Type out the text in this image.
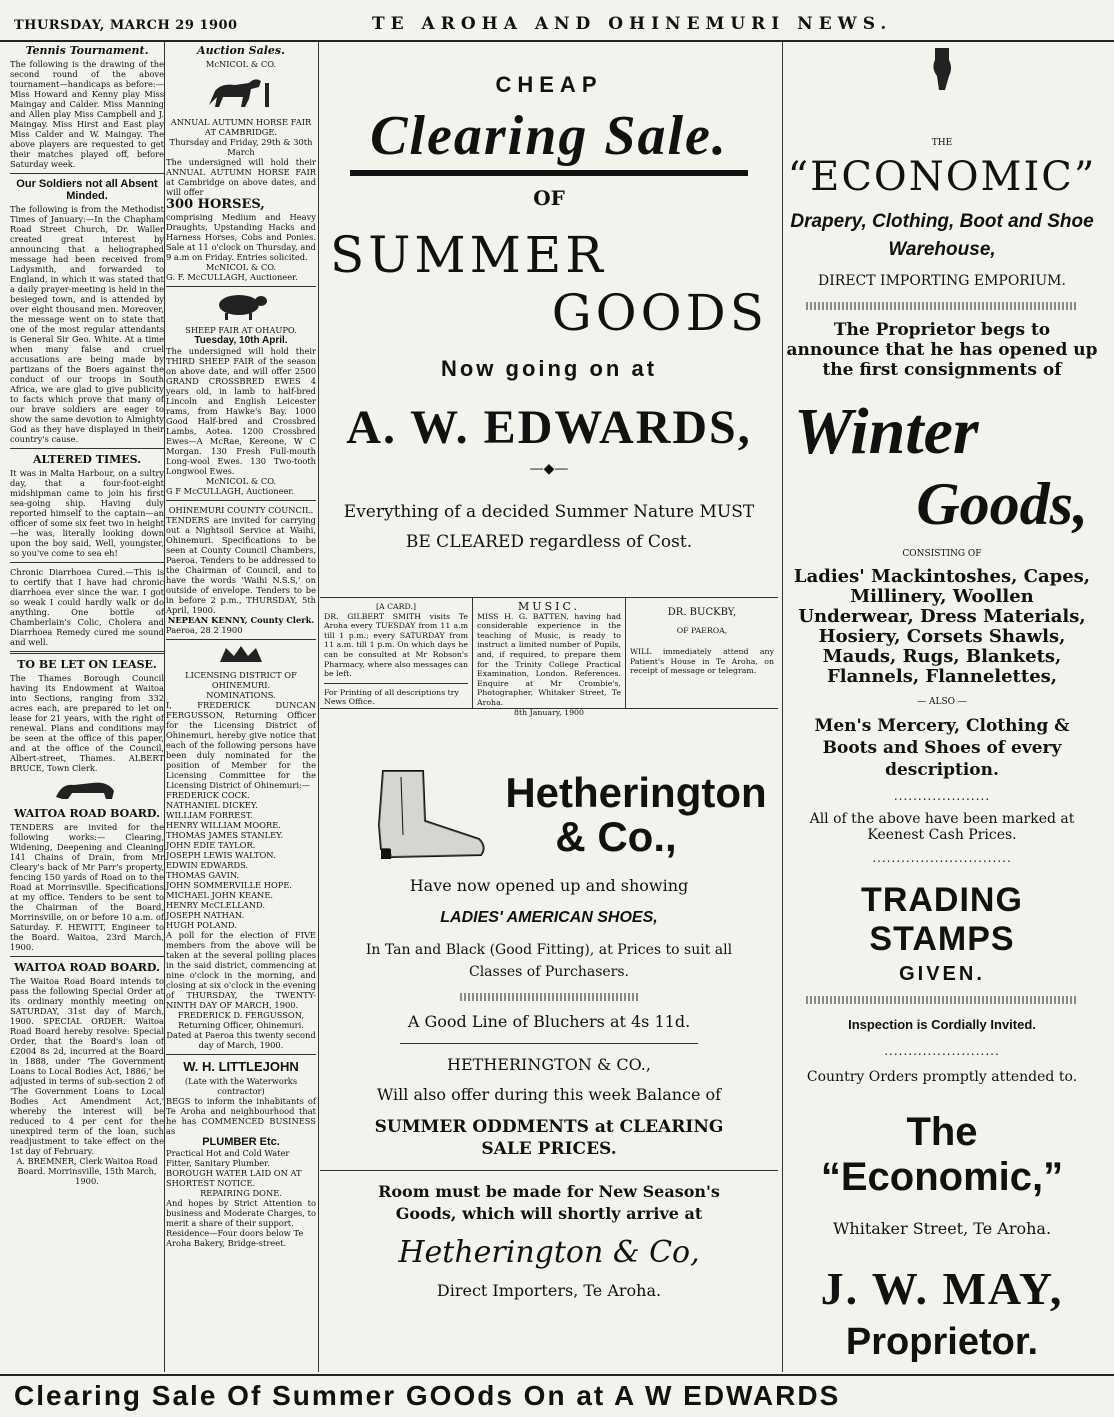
THURSDAY, MARCH 29 1900	TE AROHA AND OHINEMURI NEWS.
Tennis Tournament.
The following is the drawing of the second round of the above tournament—handicaps as before:— Miss Howard and Kenny play Miss Maingay and Calder. Miss Manning and Allen play Miss Campbell and J. Maingay. Miss Hirst and East play Miss Calder and W. Maingay. The above players are requested to get their matches played off, before Saturday week.
Our Soldiers not all Absent Minded.
The following is from the Methodist Times of January:—In the Chapham Road Street Church, Dr. Waller created great interest by announcing that a heliographed message had been received from Ladysmith, and forwarded to England, in which it was stated that a daily prayer-meeting is held in the besieged town, and is attended by over eight thousand men. Moreover, the message went on to state that one of the most regular attendants is General Sir Geo. White. At a time when many false and cruel accusations are being made by partizans of the Boers against the conduct of our troops in South Africa, we are glad to give publicity to facts which prove that many of our brave soldiers are eager to show the same devotion to Almighty God as they have displayed in their country's cause.
ALTERED TIMES.
It was in Malta Harbour, on a sultry day, that a four-foot-eight midshipman came to join his first sea-going ship. Having duly reported himself to the captain—an officer of some six feet two in height—he was, literally looking down upon the boy said, Well, youngster, so you've come to sea eh!
Chronic Diarrhoea Cured.—This is to certify that I have had chronic diarrhoea ever since the war. I got so weak I could hardly walk or do anything. One bottle of Chamberlain's Colic, Cholera and Diarrhoea Remedy cured me sound and well.
TO BE LET ON LEASE.
The Thames Borough Council having its Endowment at Waitoa into Sections, ranging from 332 acres each, are prepared to let on lease for 21 years, with the right of renewal. Plans and conditions may be seen at the office of this paper, and at the office of the Council, Albert-street, Thames. ALBERT BRUCE, Town Clerk.
WAITOA ROAD BOARD.
TENDERS are invited for the following works:— Clearing, Widening, Deepening and Cleaning 141 Chains of Drain, from Mr Cleary's back of Mr Parr's property, fencing 150 yards of Road on to the Road at Morrinsville. Specifications at my office. Tenders to be sent to the Chairman of the Board, Morrinsville, on or before 10 a.m. of Saturday. F. HEWITT, Engineer to the Board. Waitoa, 23rd March, 1900.
WAITOA ROAD BOARD.
The Waitoa Road Board intends to pass the following Special Order at its ordinary monthly meeting on SATURDAY, 31st day of March, 1900. SPECIAL ORDER. Waitoa Road Board hereby resolve: Special Order, that the Board's loan of £2004 8s 2d, incurred at the Board in 1888, under 'The Government Loans to Local Bodies Act, 1886,' be adjusted in terms of sub-section 2 of 'The Government Loans to Local Bodies Act Amendment Act,' whereby the interest will be reduced to 4 per cent for the unexpired term of the loan, such readjustment to take effect on the 1st day of February.
A. BREMNER, Clerk Waitoa Road Board. Morrinsville, 15th March, 1900.
Auction Sales.
McNICOL & CO.
ANNUAL AUTUMN HORSE FAIR AT CAMBRIDGE.
Thursday and Friday, 29th & 30th March
The undersigned will hold their ANNUAL AUTUMN HORSE FAIR at Cambridge on above dates, and will offer
300 HORSES,
comprising Medium and Heavy Draughts, Upstanding Hacks and Harness Horses, Cobs and Ponies. Sale at 11 o'clock on Thursday, and 9 a.m on Friday. Entries solicited.
McNICOL & CO.
G. F. McCULLAGH, Auctioneer.
SHEEP FAIR AT OHAUPO.
Tuesday, 10th April.
The undersigned will hold their THIRD SHEEP FAIR of the season on above date, and will offer 2500 GRAND CROSSBRED EWES 4 years old, in lamb to half-bred Lincoln and English Leicester rams, from Hawke's Bay. 1000 Good Half-bred and Crossbred Lambs, Aotea. 1200 Crossbred Ewes—A McRae, Kereone, W C Morgan. 130 Fresh Full-mouth Long-wool Ewes. 130 Two-tooth Longwool Ewes.
McNICOL & CO.
G F McCULLAGH, Auctioneer.
OHINEMURI COUNTY COUNCIL.
TENDERS are invited for carrying out a Nightsoil Service at Waihi, Ohinemuri. Specifications to be seen at County Council Chambers, Paeroa. Tenders to be addressed to the Chairman of Council, and to have the words 'Waihi N.S.S,' on outside of envelope. Tenders to be in before 2 p.m., THURSDAY, 5th April, 1900.
NEPEAN KENNY, County Clerk.
Paeroa, 28 2 1900
LICENSING DISTRICT OF OHINEMURI.
NOMINATIONS.
I, FREDERICK DUNCAN FERGUSSON, Returning Officer for the Licensing District of Ohinemuri, hereby give notice that each of the following persons have been duly nominated for the position of Member for the Licensing Committee for the Licensing District of Ohinemuri:—
FREDERICK COCK.
NATHANIEL DICKEY.
WILLIAM FORREST.
HENRY WILLIAM MOORE.
THOMAS JAMES STANLEY.
JOHN EDIE TAYLOR.
JOSEPH LEWIS WALTON.
EDWIN EDWARDS.
THOMAS GAVIN.
JOHN SOMMERVILLE HOPE.
MICHAEL JOHN KEANE.
HENRY McCLELLAND.
JOSEPH NATHAN.
HUGH POLAND.
A poll for the election of FIVE members from the above will be taken at the several polling places in the said district, commencing at nine o'clock in the morning, and closing at six o'clock in the evening of THURSDAY, the TWENTY-NINTH DAY OF MARCH, 1900.
FREDERICK D. FERGUSSON, Returning Officer, Ohinemuri. Dated at Paeroa this twenty second day of March, 1900.
W. H. LITTLEJOHN
(Late with the Waterworks contractor)
BEGS to inform the inhabitants of Te Aroha and neighbourhood that he has COMMENCED BUSINESS as
PLUMBER Etc.
Practical Hot and Cold Water Fitter, Sanitary Plumber.
BOROUGH WATER LAID ON AT SHORTEST NOTICE.
REPAIRING DONE.
And hopes by Strict Attention to business and Moderate Charges, to merit a share of their support.
Residence—Four doors below Te Aroha Bakery, Bridge-street.
CHEAP
Clearing Sale.
OF
SUMMER
GOODS
Now going on at
A. W. EDWARDS,
—◆—
Everything of a decided Summer Nature MUST
BE CLEARED regardless of Cost.
[A CARD.]
DR. GILBERT SMITH visits Te Aroha every TUESDAY from 11 a.m till 1 p.m.; every SATURDAY from 11 a.m. till 1 p.m. On which days he can be consulted at Mr Robson's Pharmacy, where also messages can be left.
For Printing of all descriptions try News Office.
MUSIC.
MISS H. G. BATTEN, having had considerable experience in the teaching of Music, is ready to instruct a limited number of Pupils, and, if required, to prepare them for the Trinity College Practical Examination, London. References. Enquire at Mr Crombie's, Photographer, Whitaker Street, Te Aroha.
8th January, 1900
DR. BUCKBY,
OF PAEROA,
WILL immediately attend any Patient's House in Te Aroha, on receipt of message or telegram.
Hetherington
& Co.,
Have now opened up and showing
LADIES' AMERICAN SHOES,
In Tan and Black (Good Fitting), at Prices to suit all Classes of Purchasers.
A Good Line of Bluchers at 4s 11d.
HETHERINGTON & CO.,
Will also offer during this week Balance of
SUMMER ODDMENTS at CLEARING SALE PRICES.
Room must be made for New Season's Goods, which will shortly arrive at
Hetherington & Co,
Direct Importers, Te Aroha.
THE
“ECONOMIC”
Drapery, Clothing, Boot and Shoe Warehouse,
DIRECT IMPORTING EMPORIUM.
The Proprietor begs to announce that he has opened up the first consignments of
Winter
Goods,
CONSISTING OF
Ladies' Mackintoshes, Capes, Millinery, Woollen Underwear, Dress Materials, Hosiery, Corsets Shawls, Mauds, Rugs, Blankets, Flannels, Flannelettes,
— ALSO —
Men's Mercery, Clothing & Boots and Shoes of every description.
....................
All of the above have been marked at Keenest Cash Prices.
.............................
TRADING STAMPS
GIVEN.
Inspection is Cordially Invited.
........................
Country Orders promptly attended to.
The “Economic,”
Whitaker Street, Te Aroha.
J. W. MAY,
Proprietor.
Clearing Sale Of Summer GOOds On at A W EDWARDS
